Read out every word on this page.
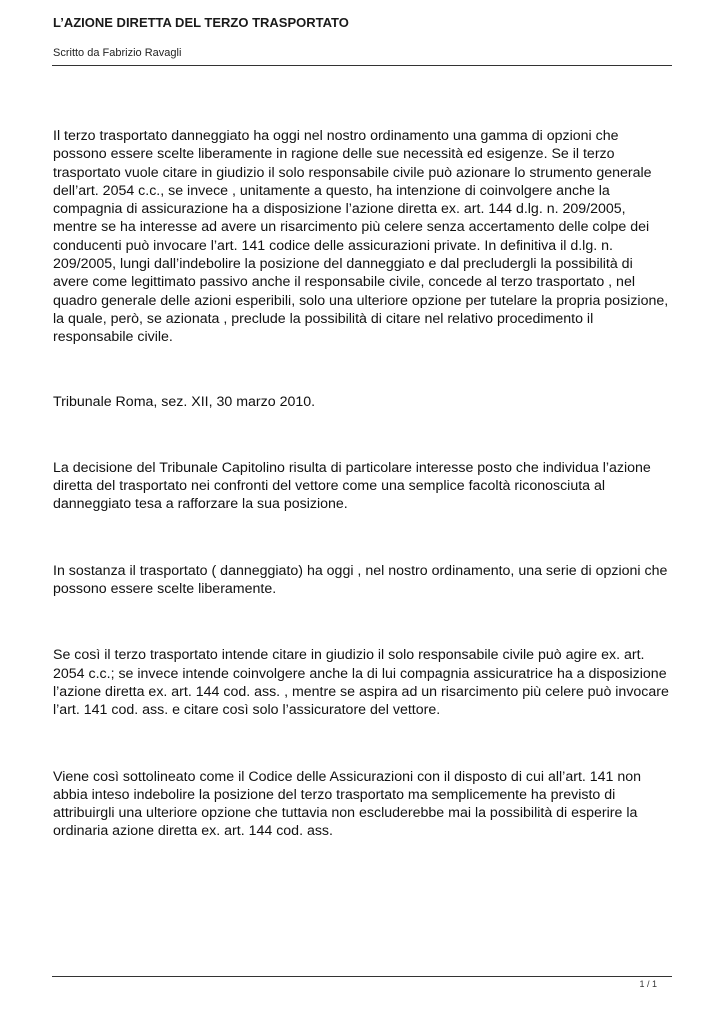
L’AZIONE DIRETTA DEL TERZO TRASPORTATO
Scritto da Fabrizio Ravagli

Il terzo trasportato danneggiato ha oggi nel nostro ordinamento una gamma di opzioni che possono essere scelte liberamente in ragione delle sue necessità ed esigenze. Se il terzo trasportato vuole citare in giudizio il solo responsabile civile può azionare lo strumento generale dell’art. 2054 c.c., se invece , unitamente a questo, ha intenzione di coinvolgere anche la compagnia di assicurazione ha a disposizione l’azione diretta ex. art. 144 d.lg. n. 209/2005, mentre se ha interesse ad avere un risarcimento più celere senza accertamento delle colpe dei conducenti può invocare l’art. 141 codice delle assicurazioni private. In definitiva il d.lg. n. 209/2005, lungi dall’indebolire la posizione del danneggiato e dal precludergli la possibilità di avere come legittimato passivo anche il responsabile civile, concede al terzo trasportato , nel quadro generale delle azioni esperibili, solo una ulteriore opzione per tutelare la propria posizione, la quale, però, se azionata , preclude la possibilità di citare nel relativo procedimento il responsabile civile.

Tribunale Roma, sez. XII, 30 marzo 2010.

La decisione del Tribunale Capitolino risulta di particolare interesse posto che individua l’azione diretta del trasportato nei confronti del vettore come una semplice facoltà riconosciuta al danneggiato tesa a rafforzare la sua posizione.

In sostanza il trasportato ( danneggiato) ha oggi , nel nostro ordinamento, una serie di opzioni che possono essere scelte liberamente.

Se così il terzo trasportato intende citare in giudizio il solo responsabile civile può agire ex. art. 2054 c.c.; se invece intende coinvolgere anche la di lui compagnia assicuratrice ha a disposizione l’azione diretta ex. art. 144 cod. ass. , mentre se aspira ad un risarcimento più celere può invocare l’art. 141 cod. ass. e citare così solo l’assicuratore del vettore.

Viene così sottolineato come il Codice delle Assicurazioni con il disposto di cui all’art. 141 non abbia inteso indebolire la posizione del terzo trasportato ma semplicemente ha previsto di attribuirgli una ulteriore opzione che tuttavia non escluderebbe mai la possibilità di esperire la ordinaria azione diretta ex. art. 144 cod. ass.

1 / 1
